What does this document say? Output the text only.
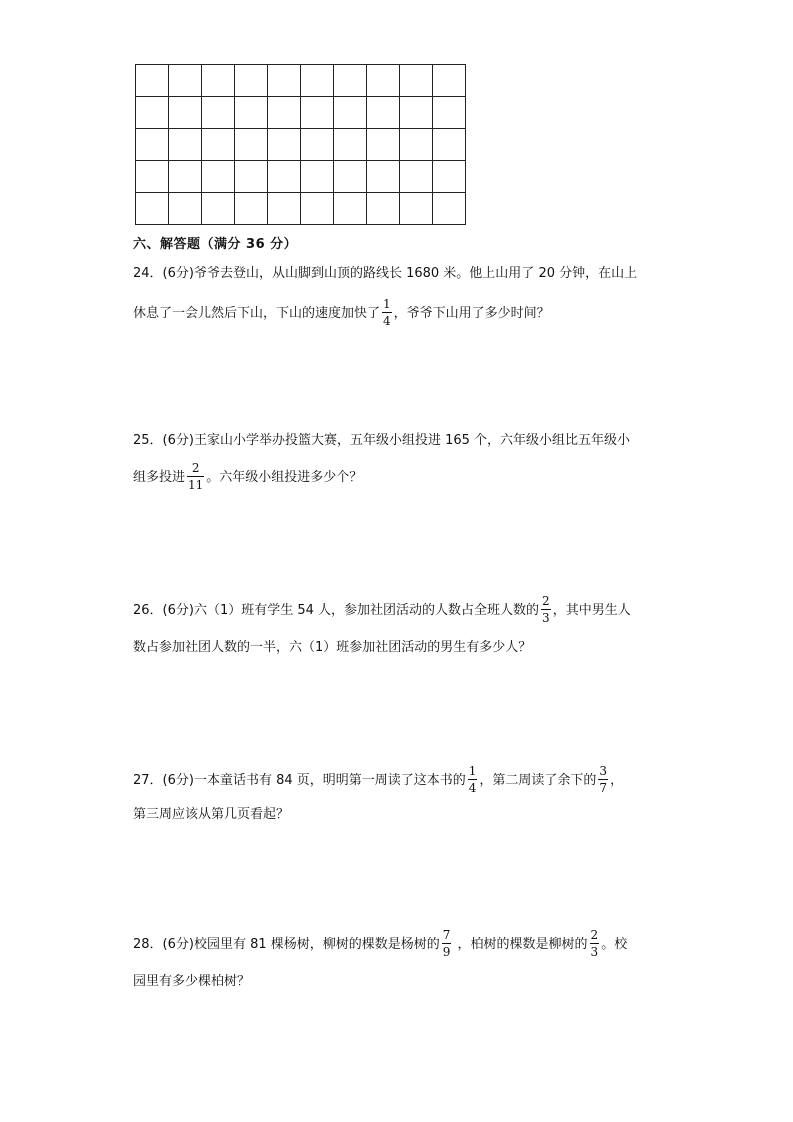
六、解答题（满分 36 分）
24．(6分)爷爷去登山，从山脚到山顶的路线长 1680 米。他上山用了 20 分钟，在山上
休息了一会儿然后下山，下山的速度加快了 $\frac{1}{4}$ ，爷爷下山用了多少时间？
25．(6分)王家山小学举办投篮大赛，五年级小组投进 165 个，六年级小组比五年级小
组多投进 $\frac{2}{11}$ 。六年级小组投进多少个？
26．(6分)六（1）班有学生 54 人，参加社团活动的人数占全班人数的 $\frac{2}{3}$ ，其中男生人
数占参加社团人数的一半，六（1）班参加社团活动的男生有多少人？
27．(6分)一本童话书有 84 页，明明第一周读了这本书的 $\frac{1}{4}$ ，第二周读了余下的 $\frac{3}{7}$ ，
第三周应该从第几页看起？
28．(6分)校园里有 81 棵杨树，柳树的棵数是杨树的 $\frac{7}{9}$ ，柏树的棵数是柳树的 $\frac{2}{3}$ 。校
园里有多少棵柏树？
